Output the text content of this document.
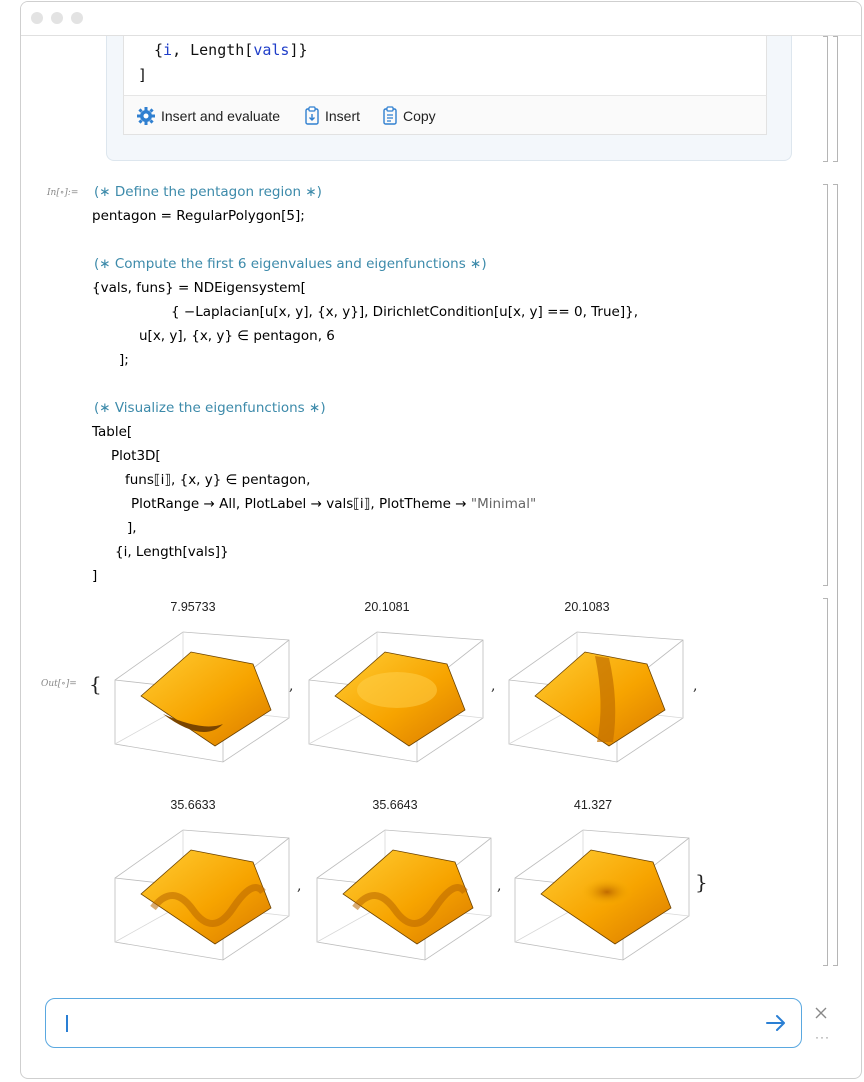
{i, Length[vals]}
]
Insert and evaluate	Insert	Copy
In[∘]:= (∗ Define the pentagon region ∗)
pentagon = RegularPolygon[5];
(∗ Compute the first 6 eigenvalues and eigenfunctions ∗)
{vals, funs} = NDEigensystem[
{ −Laplacian[u[x, y], {x, y}], DirichletCondition[u[x, y] == 0, True]},
u[x, y], {x, y} ∈ pentagon, 6
];
(∗ Visualize the eigenfunctions ∗)
Table[
Plot3D[
funs⟦i⟧, {x, y} ∈ pentagon,
PlotRange → All, PlotLabel → vals⟦i⟧, PlotTheme → "Minimal"
],
{i, Length[vals]}
]
Out[∘]= {
}
···
7.95733	20.1081	20.1083
35.6633	35.6643	41.327
,	,	,
,	,
